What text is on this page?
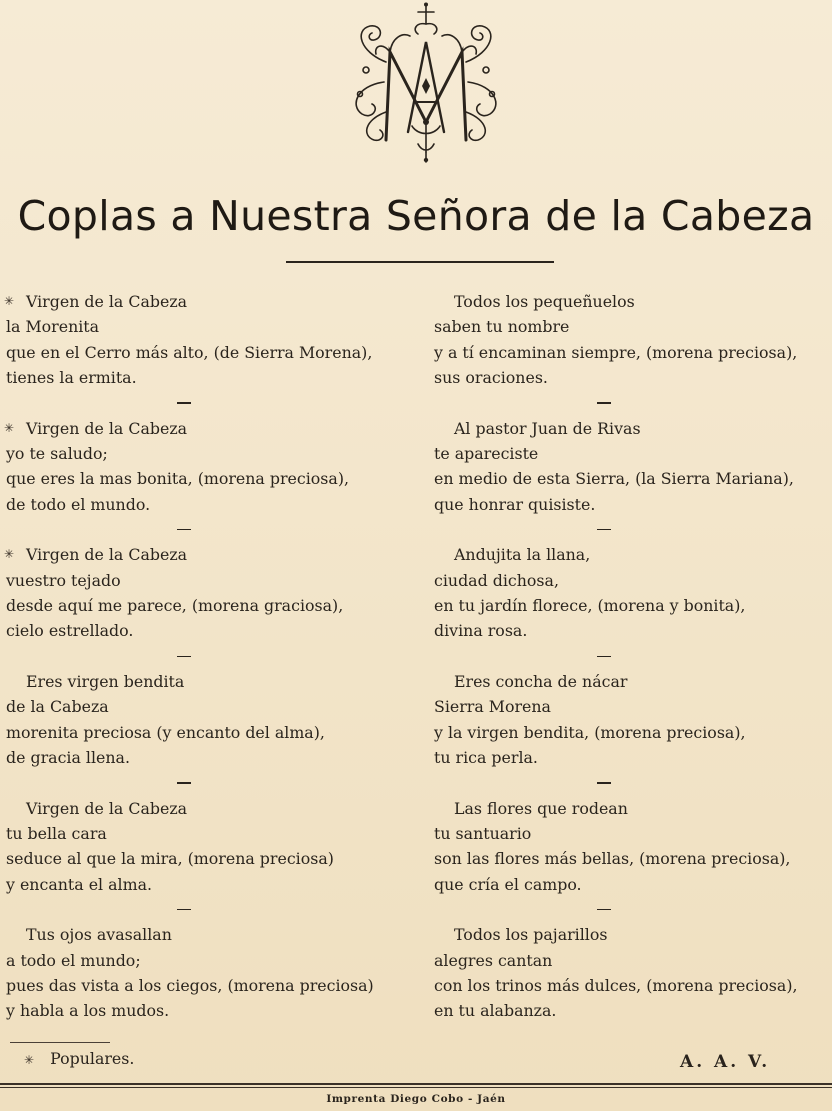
Coplas a Nuestra Señora de la Cabeza
✳ Virgen de la Cabeza
la Morenita
que en el Cerro más alto, (de Sierra Morena),
tienes la ermita.
✳ Virgen de la Cabeza
yo te saludo;
que eres la mas bonita, (morena preciosa),
de todo el mundo.
✳ Virgen de la Cabeza
vuestro tejado
desde aquí me parece, (morena graciosa),
cielo estrellado.
Eres virgen bendita
de la Cabeza
morenita preciosa (y encanto del alma),
de gracia llena.
Virgen de la Cabeza
tu bella cara
seduce al que la mira, (morena preciosa)
y encanta el alma.
Tus ojos avasallan
a todo el mundo;
pues das vista a los ciegos, (morena preciosa)
y habla a los mudos.
Todos los pequeñuelos
saben tu nombre
y a tí encaminan siempre, (morena preciosa),
sus oraciones.
Al pastor Juan de Rivas
te apareciste
en medio de esta Sierra, (la Sierra Mariana),
que honrar quisiste.
Andujita la llana,
ciudad dichosa,
en tu jardín florece, (morena y bonita),
divina rosa.
Eres concha de nácar
Sierra Morena
y la virgen bendita, (morena preciosa),
tu rica perla.
Las flores que rodean
tu santuario
son las flores más bellas, (morena preciosa),
que cría el campo.
Todos los pajarillos
alegres cantan
con los trinos más dulces, (morena preciosa),
en tu alabanza.
✳ Populares.	A. A. V.
Imprenta Diego Cobo - Jaén
